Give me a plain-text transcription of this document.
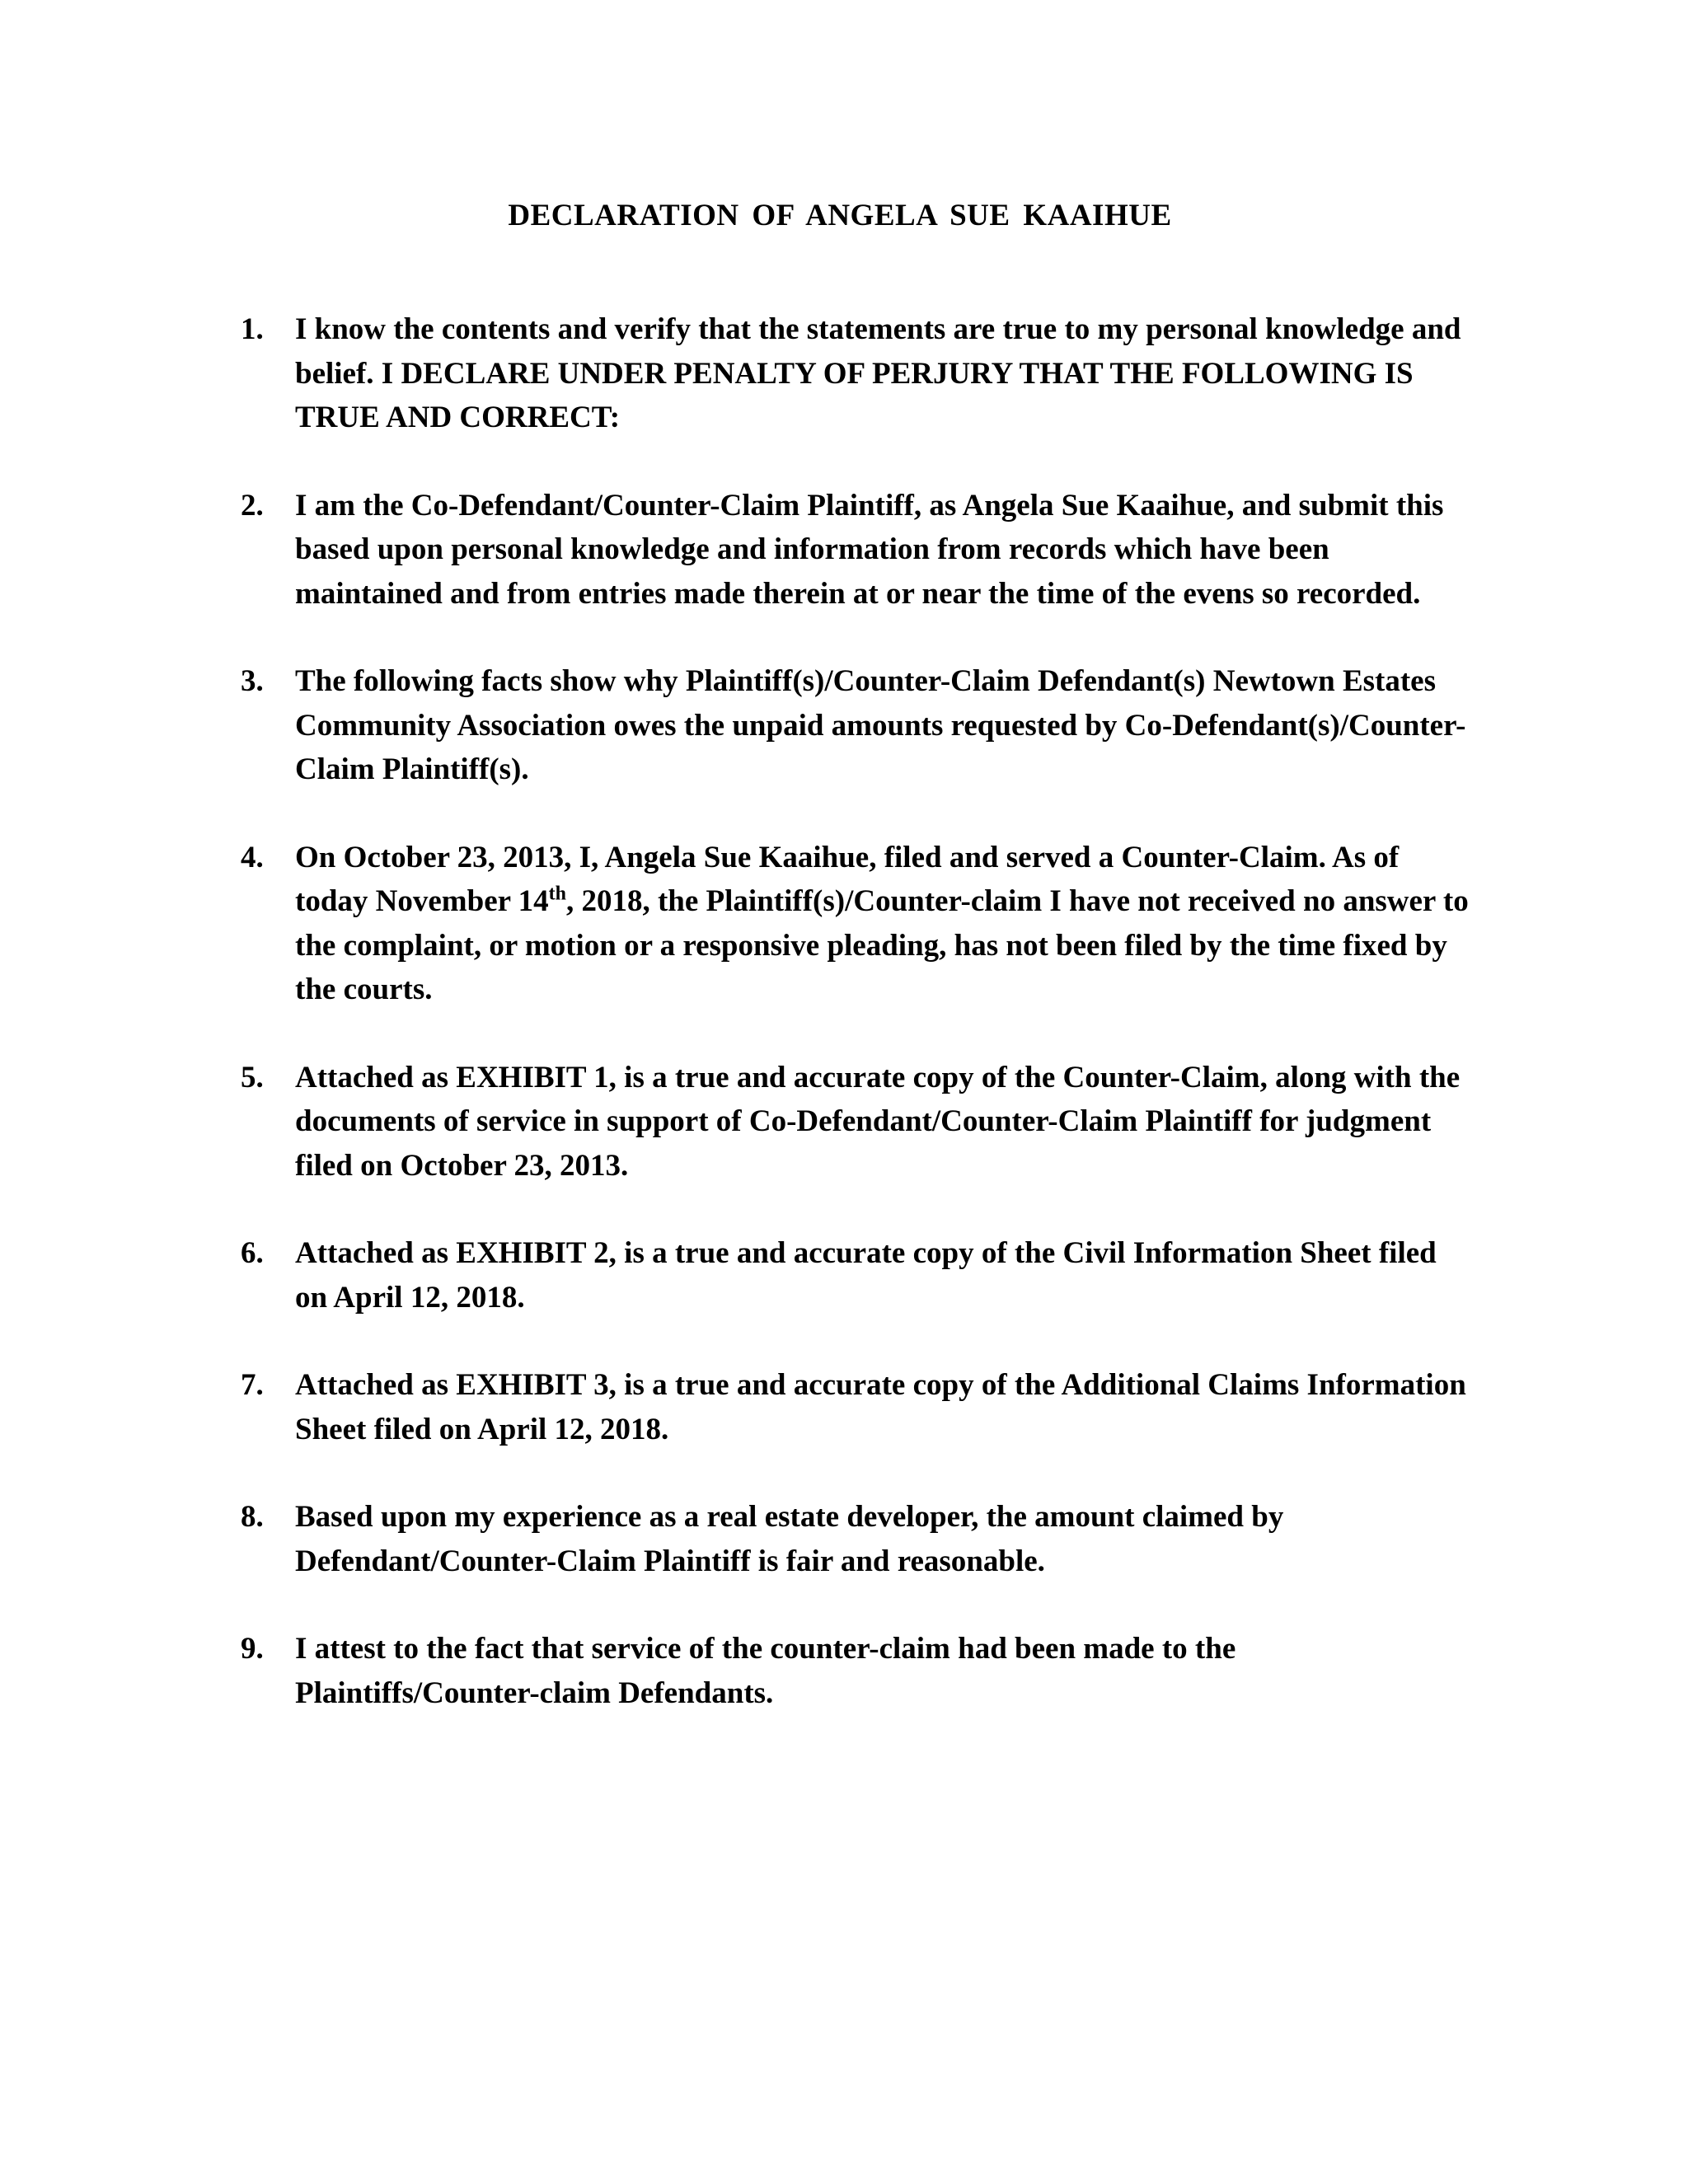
DECLARATION OF ANGELA SUE KAAIHUE
1. I know the contents and verify that the statements are true to my personal knowledge and belief. I DECLARE UNDER PENALTY OF PERJURY THAT THE FOLLOWING IS TRUE AND CORRECT:
2. I am the Co-Defendant/Counter-Claim Plaintiff, as Angela Sue Kaaihue, and submit this based upon personal knowledge and information from records which have been maintained and from entries made therein at or near the time of the evens so recorded.
3. The following facts show why Plaintiff(s)/Counter-Claim Defendant(s) Newtown Estates Community Association owes the unpaid amounts requested by Co-Defendant(s)/Counter-Claim Plaintiff(s).
4. On October 23, 2013, I, Angela Sue Kaaihue, filed and served a Counter-Claim. As of today November 14th, 2018, the Plaintiff(s)/Counter-claim I have not received no answer to the complaint, or motion or a responsive pleading, has not been filed by the time fixed by the courts.
5. Attached as EXHIBIT 1, is a true and accurate copy of the Counter-Claim, along with the documents of service in support of Co-Defendant/Counter-Claim Plaintiff for judgment filed on October 23, 2013.
6. Attached as EXHIBIT 2, is a true and accurate copy of the Civil Information Sheet filed on April 12, 2018.
7. Attached as EXHIBIT 3, is a true and accurate copy of the Additional Claims Information Sheet filed on April 12, 2018.
8. Based upon my experience as a real estate developer, the amount claimed by Defendant/Counter-Claim Plaintiff is fair and reasonable.
9. I attest to the fact that service of the counter-claim had been made to the Plaintiffs/Counter-claim Defendants.
